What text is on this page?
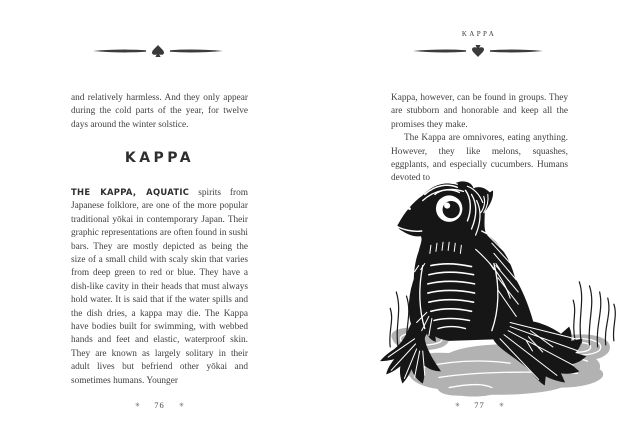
and relatively harmless. And they only appear during the cold parts of the year, for twelve days around the winter solstice.

KAPPA

THE KAPPA, AQUATIC spirits from Japanese folklore, are one of the more popular traditional yōkai in contemporary Japan. Their graphic representations are often found in sushi bars. They are mostly depicted as being the size of a small child with scaly skin that varies from deep green to red or blue. They have a dish-like cavity in their heads that must always hold water. It is said that if the water spills and the dish dries, a kappa may die. The Kappa have bodies built for swimming, with webbed hands and feet and elastic, waterproof skin. They are known as largely solitary in their adult lives but befriend other yōkai and sometimes humans. Younger

✳ 76 ✳
KAPPA

Kappa, however, can be found in groups. They are stubborn and honorable and keep all the promises they make.

The Kappa are omnivores, eating anything. However, they like melons, squashes, eggplants, and especially cucumbers. Humans devoted to

✳ 77 ✳
